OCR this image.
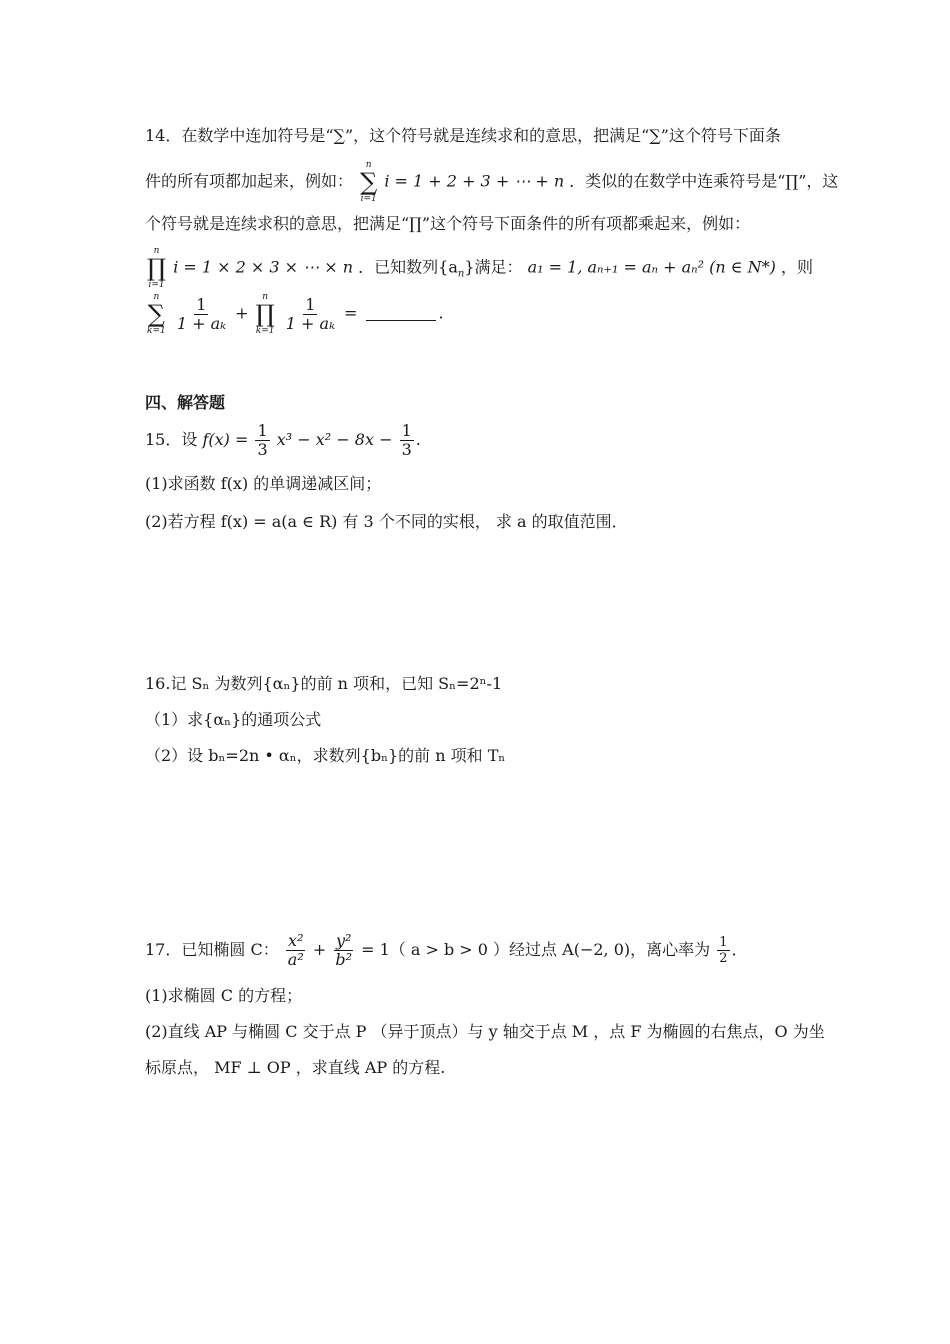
14．在数学中连加符号是“∑”，这个符号就是连续求和的意思，把满足“∑”这个符号下面条
件的所有项都加起来，例如：
n
∑
i=1
i = 1 + 2 + 3 + ⋯ + n ．类似的在数学中连乘符号是“∏”，这
个符号就是连续求积的意思，把满足“∏”这个符号下面条件的所有项都乘起来，例如：
n
∏
i=1
i = 1 × 2 × 3 × ⋯ × n ．已知数列$\{a_n\}$满足： a₁ = 1, aₙ₊₁ = aₙ + aₙ² (n ∈ N*) ，则
n
∑
k=1
$\frac{1}{\text{1 + aₖ}}$ +
n
∏
k=1
$\frac{1}{\text{1 + aₖ}}$ =	.
四、解答题
15．设 $f(x) = \frac{1}{3} x^3 - x^2 - 8x - \frac{1}{3}$ .
(1)求函数 f(x) 的单调递减区间；
(2)若方程 f(x) = a(a ∈ R) 有 3 个不同的实根， 求 a 的取值范围．
16.记 Sₙ 为数列{αₙ}的前 n 项和，已知 Sₙ=2ⁿ-1
（1）求{αₙ}的通项公式
（2）设 bₙ=2n • αₙ，求数列{bₙ}的前 n 项和 Tₙ
17．已知椭圆 C： $\frac{\text{x²}}{\text{a²}} + \frac{\text{y²}}{\text{b²}} = 1$（ a > b > 0 ）经过点 A(−2, 0)，离心率为 $\frac{1}{2}$ ．
(1)求椭圆 C 的方程；
(2)直线 AP 与椭圆 C 交于点 P （异于顶点）与 y 轴交于点 M ，点 F 为椭圆的右焦点，O 为坐
标原点， MF ⊥ OP ，求直线 AP 的方程.
